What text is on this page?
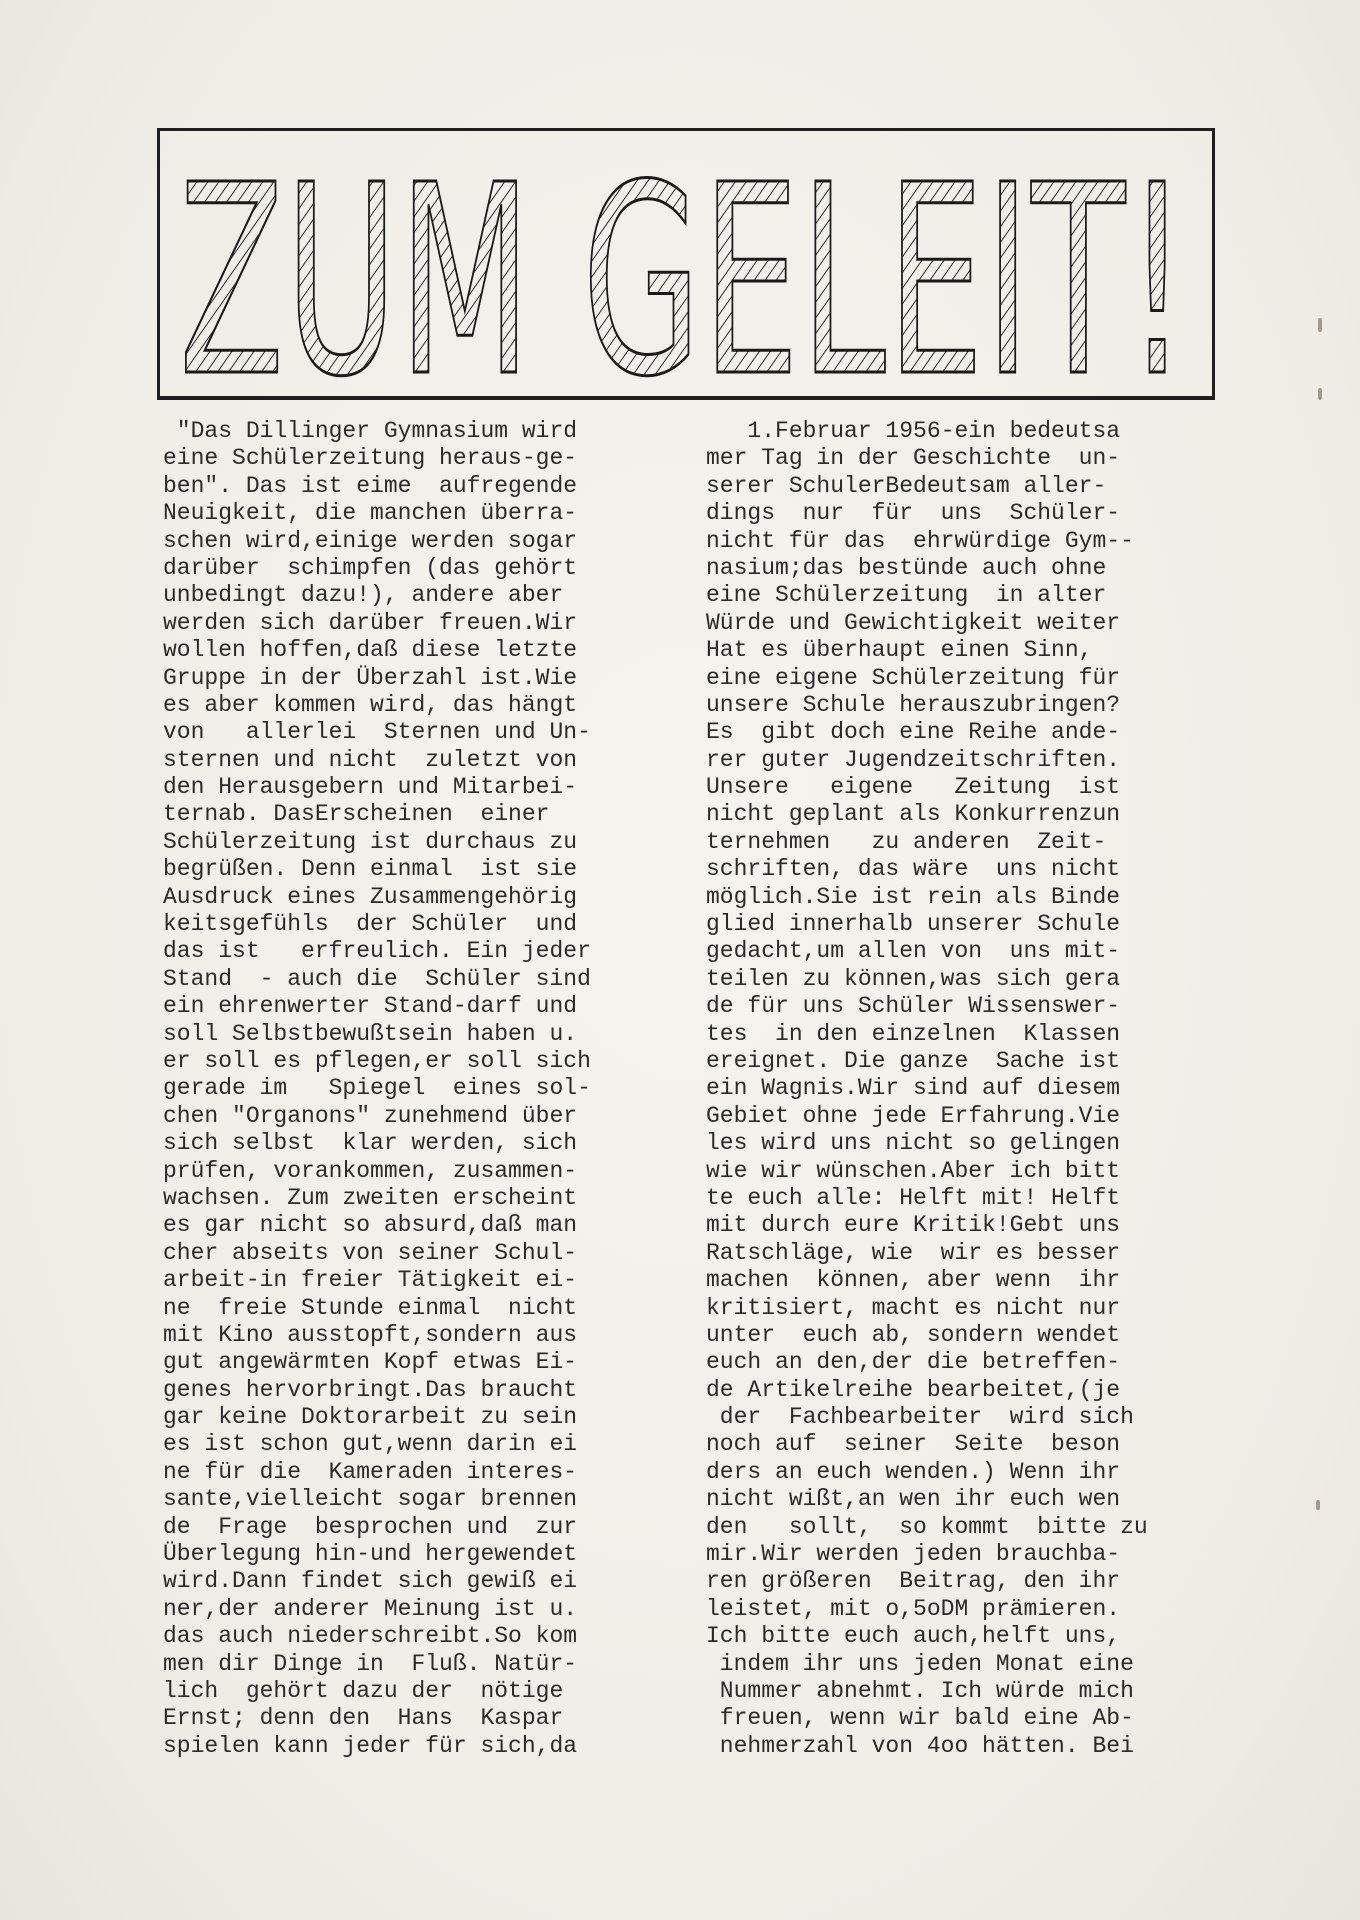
ZUM GELEIT!
"Das Dillinger Gymnasium wird
eine Schülerzeitung heraus-ge-
ben". Das ist eime  aufregende
Neuigkeit, die manchen überra-
schen wird,einige werden sogar
darüber  schimpfen (das gehört
unbedingt dazu!), andere aber
werden sich darüber freuen.Wir
wollen hoffen,daß diese letzte
Gruppe in der Überzahl ist.Wie
es aber kommen wird, das hängt
von   allerlei  Sternen und Un-
sternen und nicht  zuletzt von
den Herausgebern und Mitarbei-
ternab. DasErscheinen  einer
Schülerzeitung ist durchaus zu
begrüßen. Denn einmal  ist sie
Ausdruck eines Zusammengehörig
keitsgefühls  der Schüler  und
das ist   erfreulich. Ein jeder
Stand  - auch die  Schüler sind
ein ehrenwerter Stand-darf und
soll Selbstbewußtsein haben u.
er soll es pflegen,er soll sich
gerade im   Spiegel  eines sol-
chen "Organons" zunehmend über
sich selbst  klar werden, sich
prüfen, vorankommen, zusammen-
wachsen. Zum zweiten erscheint
es gar nicht so absurd,daß man
cher abseits von seiner Schul-
arbeit-in freier Tätigkeit ei-
ne  freie Stunde einmal  nicht
mit Kino ausstopft,sondern aus
gut angewärmten Kopf etwas Ei-
genes hervorbringt.Das braucht
gar keine Doktorarbeit zu sein
es ist schon gut,wenn darin ei
ne für die  Kameraden interes-
sante,vielleicht sogar brennen
de  Frage  besprochen und  zur
Überlegung hin-und hergewendet
wird.Dann findet sich gewiß ei
ner,der anderer Meinung ist u.
das auch niederschreibt.So kom
men dir Dinge in  Fluß. Natür-
lich  gehört dazu der  nötige
Ernst; denn den  Hans  Kaspar
spielen kann jeder für sich,da
1.Februar 1956-ein bedeutsa
mer Tag in der Geschichte  un-
serer SchulerBedeutsam aller-
dings  nur  für  uns  Schüler-
nicht für das  ehrwürdige Gym--
nasium;das bestünde auch ohne
eine Schülerzeitung  in alter
Würde und Gewichtigkeit weiter
Hat es überhaupt einen Sinn,
eine eigene Schülerzeitung für
unsere Schule herauszubringen?
Es  gibt doch eine Reihe ande-
rer guter Jugendzeitschriften.
Unsere   eigene   Zeitung  ist
nicht geplant als Konkurrenzun
ternehmen   zu anderen  Zeit-
schriften, das wäre  uns nicht
möglich.Sie ist rein als Binde
glied innerhalb unserer Schule
gedacht,um allen von  uns mit-
teilen zu können,was sich gera
de für uns Schüler Wissenswer-
tes  in den einzelnen  Klassen
ereignet. Die ganze  Sache ist
ein Wagnis.Wir sind auf diesem
Gebiet ohne jede Erfahrung.Vie
les wird uns nicht so gelingen
wie wir wünschen.Aber ich bitt
te euch alle: Helft mit! Helft
mit durch eure Kritik!Gebt uns
Ratschläge, wie  wir es besser
machen  können, aber wenn  ihr
kritisiert, macht es nicht nur
unter  euch ab, sondern wendet
euch an den,der die betreffen-
de Artikelreihe bearbeitet,(je
der  Fachbearbeiter  wird sich
noch auf  seiner  Seite  beson
ders an euch wenden.) Wenn ihr
nicht wißt,an wen ihr euch wen
den   sollt,  so kommt  bitte zu
mir.Wir werden jeden brauchba-
ren größeren  Beitrag, den ihr
leistet, mit o,5oDM prämieren.
Ich bitte euch auch,helft uns,
indem ihr uns jeden Monat eine
Nummer abnehmt. Ich würde mich
freuen, wenn wir bald eine Ab-
nehmerzahl von 4oo hätten. Bei
